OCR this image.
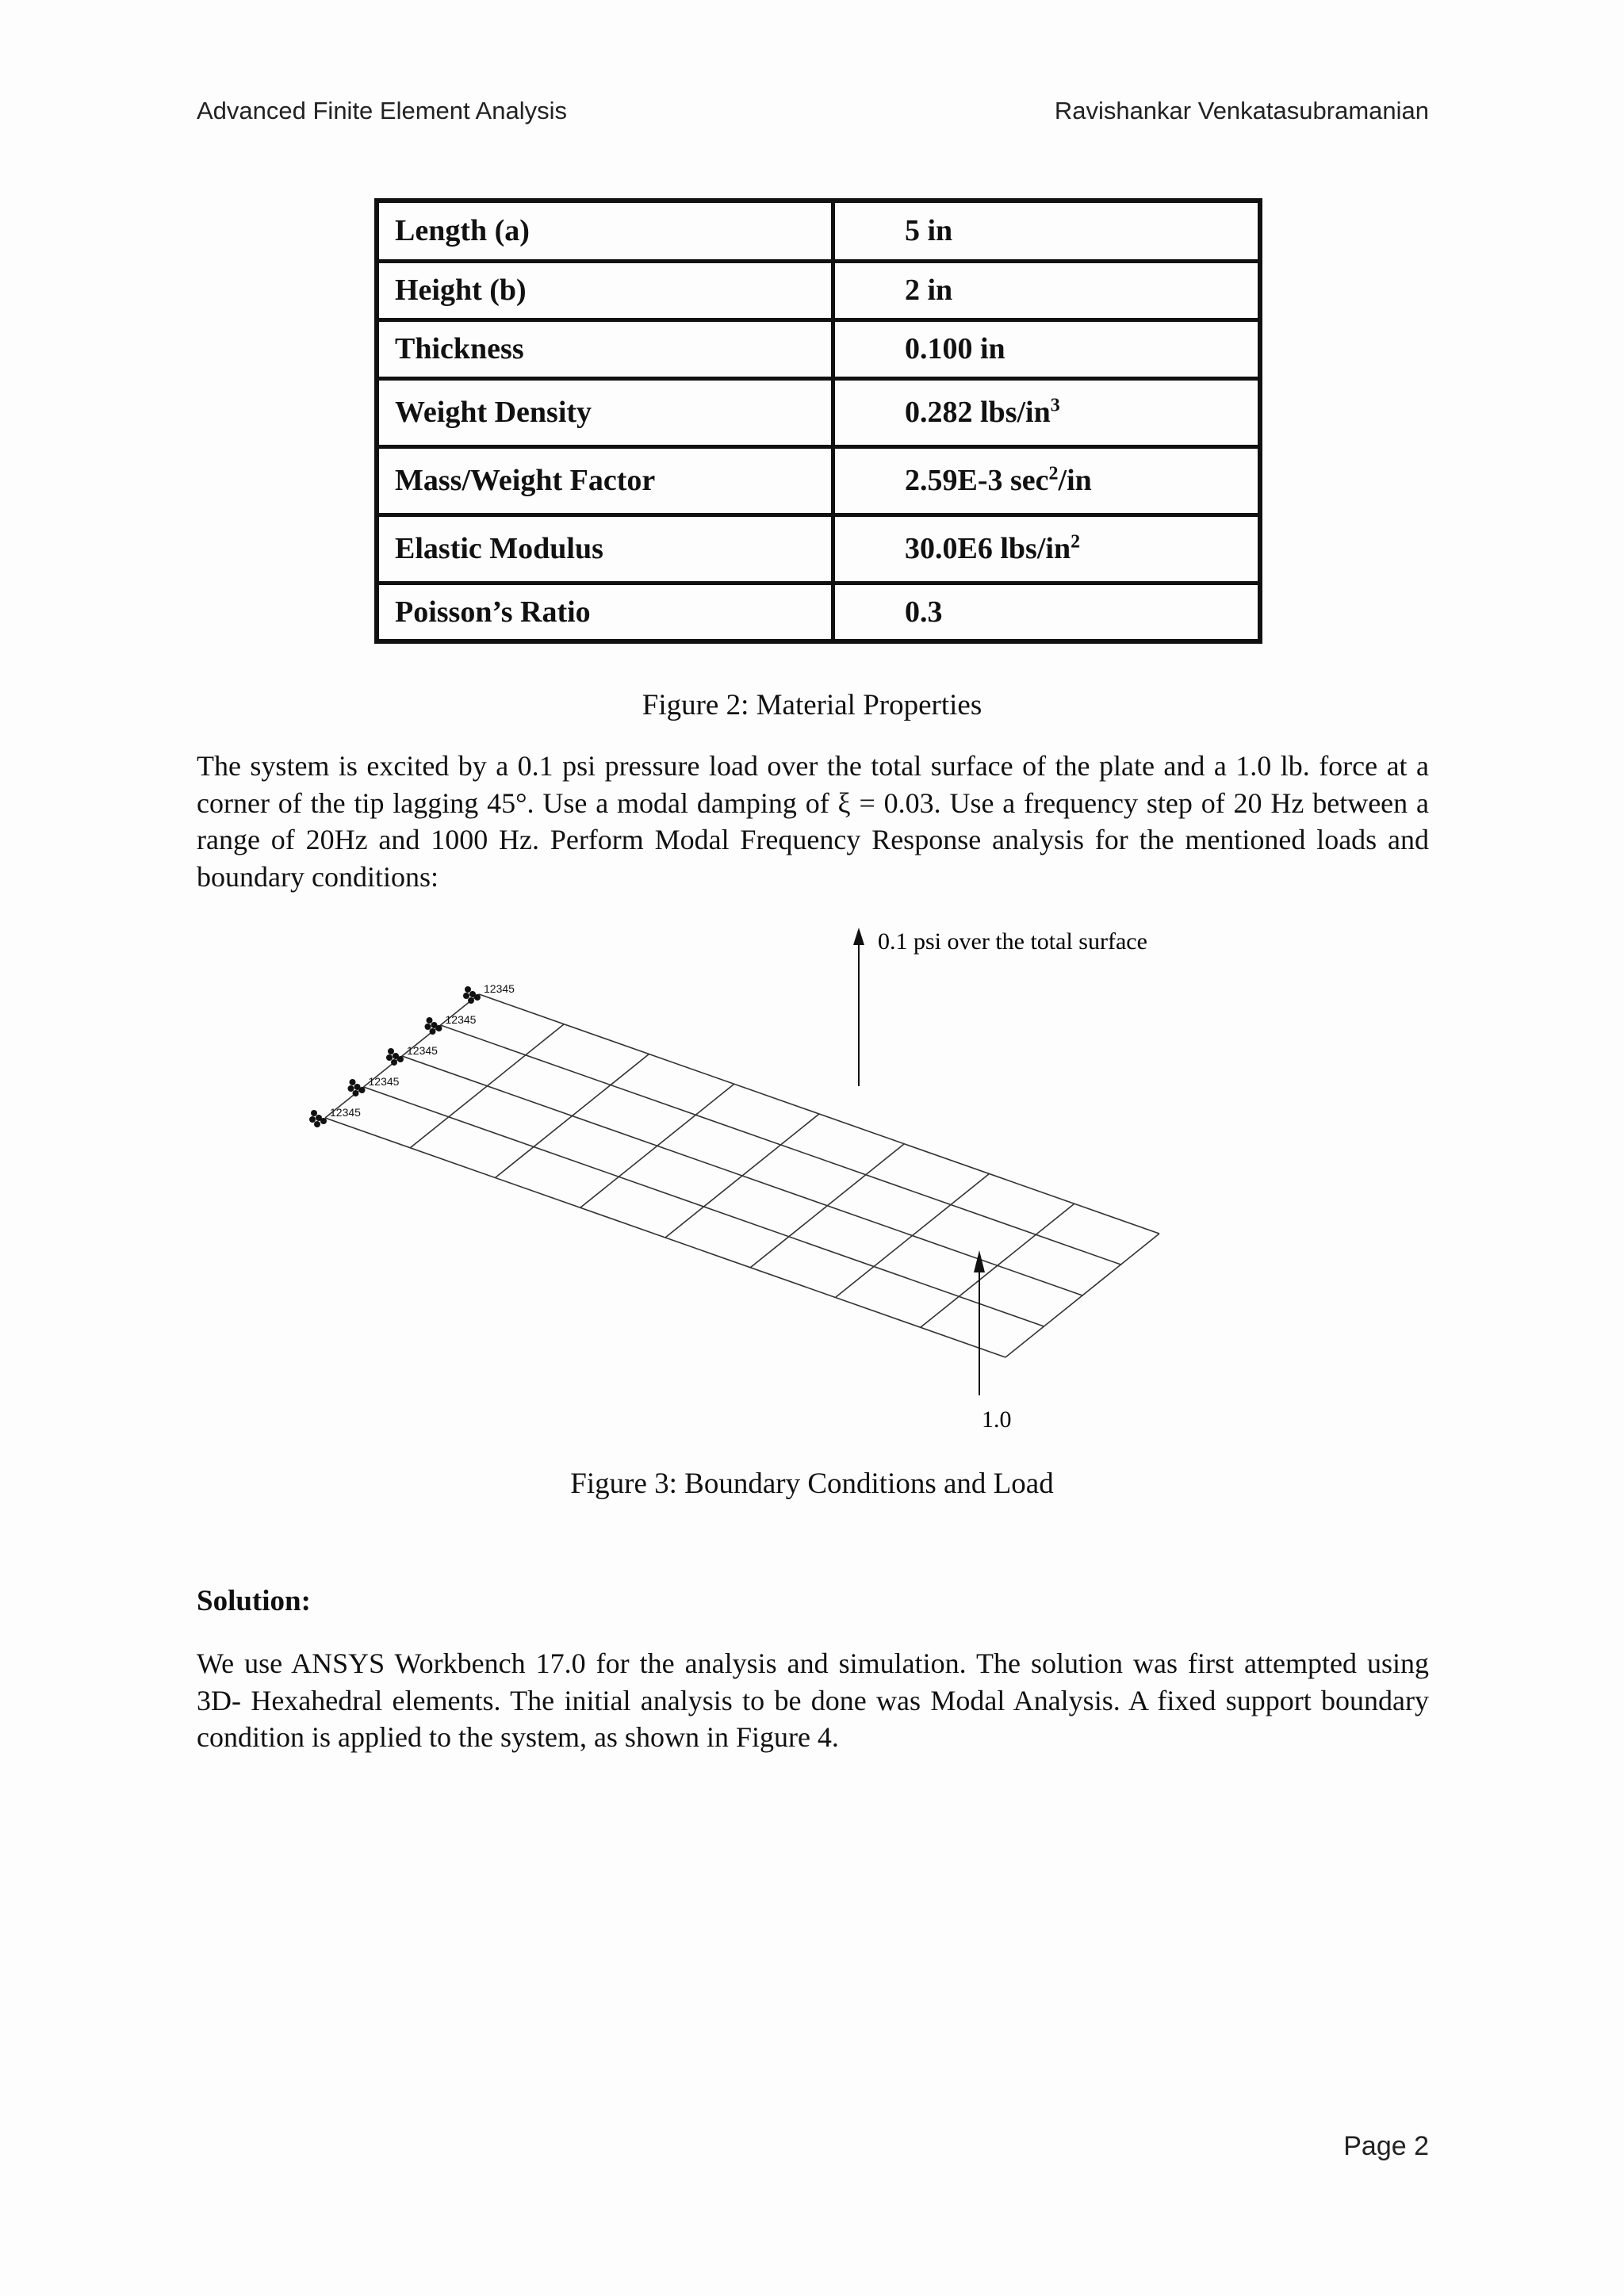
Advanced Finite Element Analysis	Ravishankar Venkatasubramanian
Length (a)	5 in
Height (b)	2 in
Thickness	0.100 in
Weight Density	0.282 lbs/$in^3$
Mass/Weight Factor	2.59E-3 $\sec^2/in$
Elastic Modulus	30.0E6 lbs/$in^2$
Poisson’s Ratio	0.3
Figure 2: Material Properties
The system is excited by a 0.1 psi pressure load over the total surface of the plate and a 1.0 lb. force at a corner of the tip lagging 45°. Use a modal damping of ξ = 0.03. Use a frequency step of 20 Hz between a range of 20Hz and 1000 Hz. Perform Modal Frequency Response analysis for the mentioned loads and boundary conditions:
12345
12345
12345
12345
12345
0.1 psi over the total surface
1.0
Figure 3: Boundary Conditions and Load
Solution:
We use ANSYS Workbench 17.0 for the analysis and simulation. The solution was first attempted using 3D- Hexahedral elements. The initial analysis to be done was Modal Analysis. A fixed support boundary condition is applied to the system, as shown in Figure 4.
Page 2
